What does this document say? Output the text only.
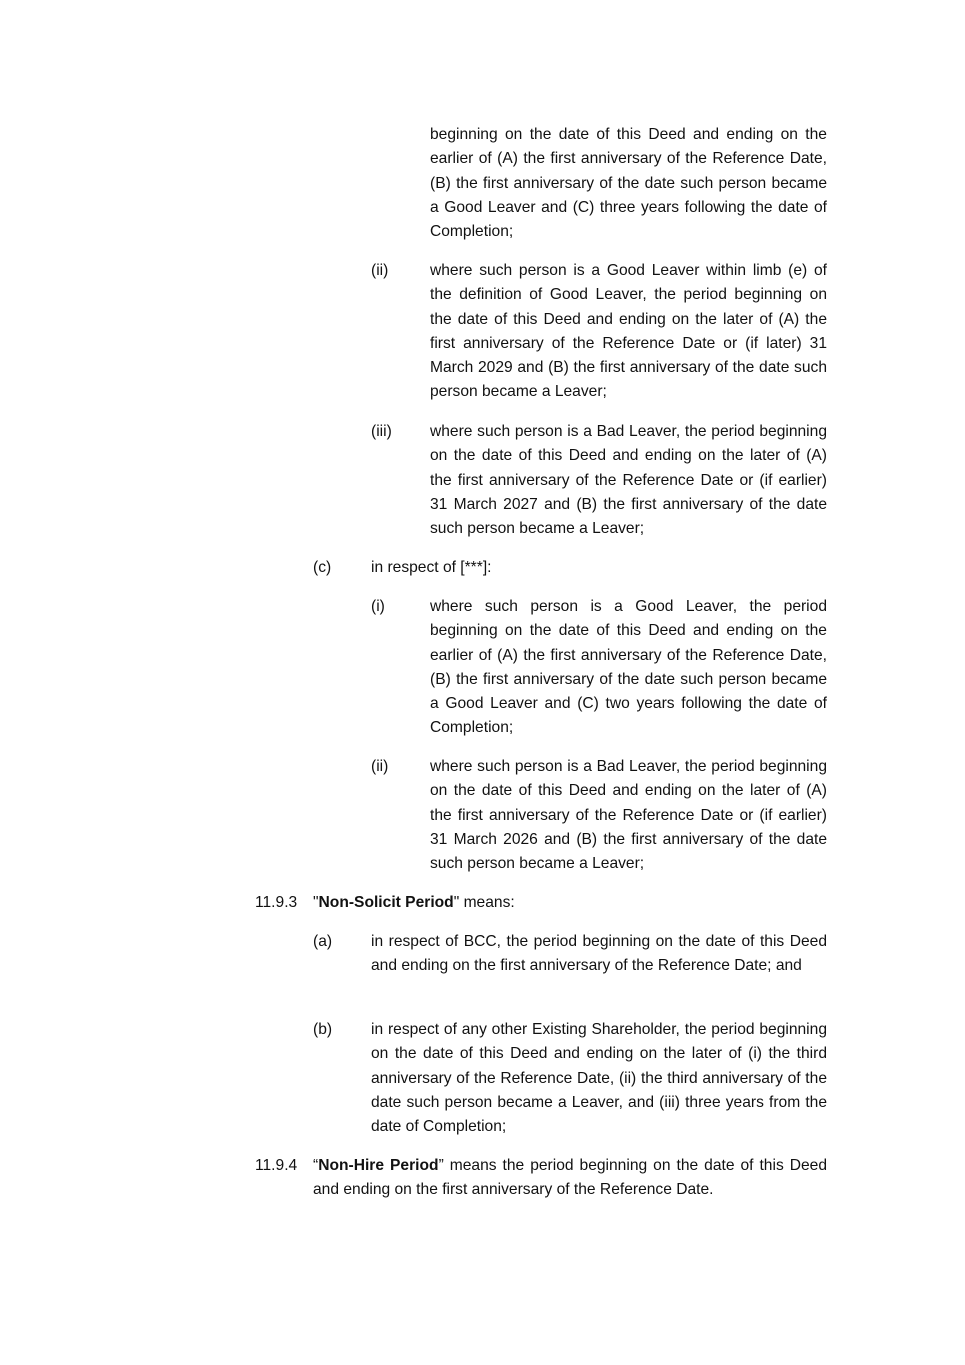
beginning on the date of this Deed and ending on the earlier of (A) the first anniversary of the Reference Date, (B) the first anniversary of the date such person became a Good Leaver and (C) three years following the date of Completion;
(ii)	where such person is a Good Leaver within limb (e) of the definition of Good Leaver, the period beginning on the date of this Deed and ending on the later of (A) the first anniversary of the Reference Date or (if later) 31 March 2029 and (B) the first anniversary of the date such person became a Leaver;
(iii) where such person is a Bad Leaver, the period beginning on the date of this Deed and ending on the later of (A) the first anniversary of the Reference Date or (if earlier) 31 March 2027 and (B) the first anniversary of the date such person became a Leaver;
(c)	in respect of [***]:
(i)	where such person is a Good Leaver, the period beginning on the date of this Deed and ending on the earlier of (A) the first anniversary of the Reference Date, (B) the first anniversary of the date such person became a Good Leaver and (C) two years following the date of Completion;
(ii)	where such person is a Bad Leaver, the period beginning on the date of this Deed and ending on the later of (A) the first anniversary of the Reference Date or (if earlier) 31 March 2026 and (B) the first anniversary of the date such person became a Leaver;
11.9.3 "Non-Solicit Period" means:
(a) in respect of BCC, the period beginning on the date of this Deed and ending on the first anniversary of the Reference Date; and
(b) in respect of any other Existing Shareholder, the period beginning on the date of this Deed and ending on the later of (i) the third anniversary of the Reference Date, (ii) the third anniversary of the date such person became a Leaver, and (iii) three years from the date of Completion;
11.9.4 “Non-Hire Period” means the period beginning on the date of this Deed and ending on the first anniversary of the Reference Date.
